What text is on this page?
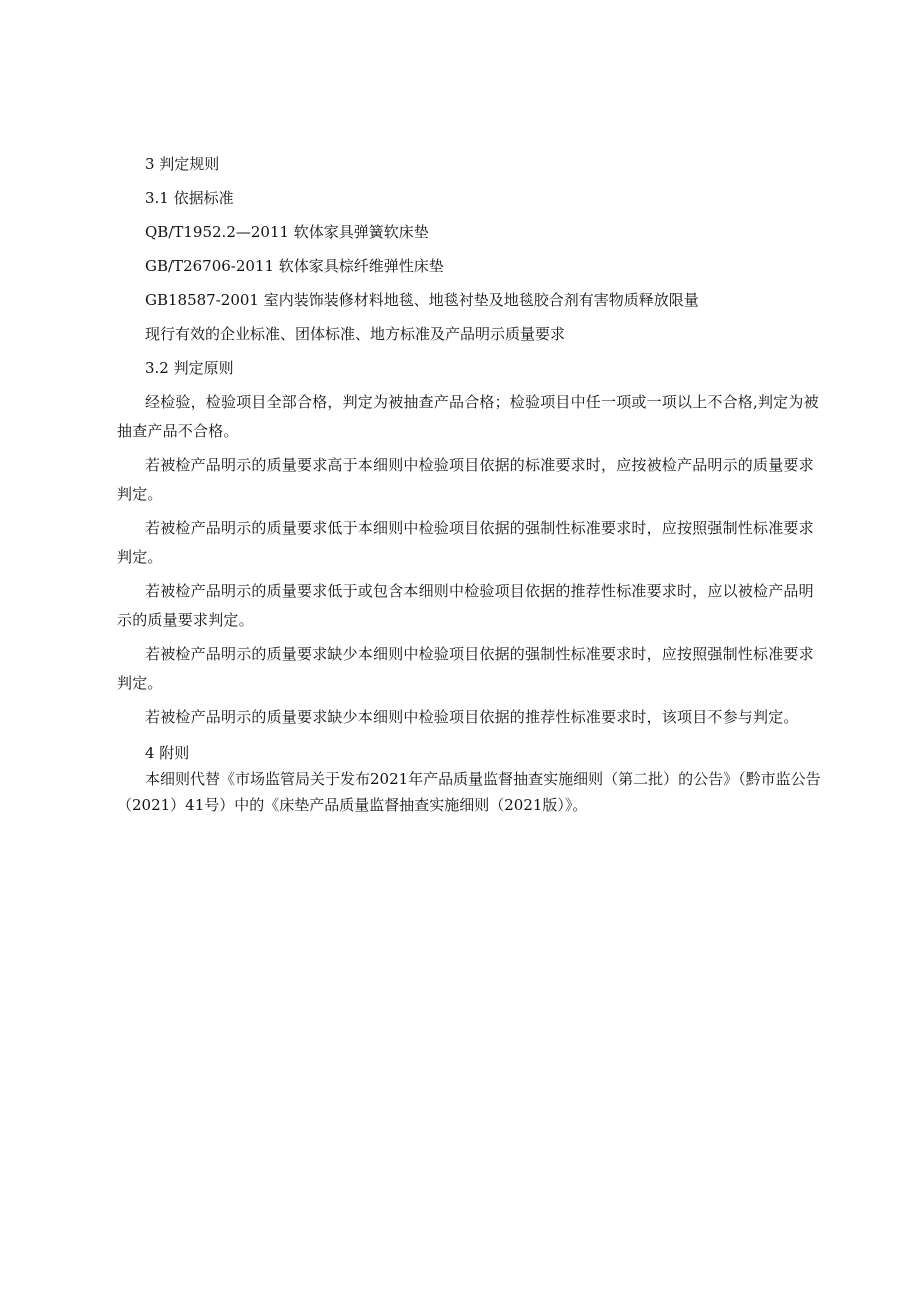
3 判定规则
3.1 依据标准
QB/T1952.2—2011 软体家具弹簧软床垫
GB/T26706-2011 软体家具棕纤维弹性床垫
GB18587-2001 室内装饰装修材料地毯、地毯衬垫及地毯胶合剂有害物质释放限量
现行有效的企业标准、团体标准、地方标准及产品明示质量要求
3.2 判定原则
经检验，检验项目全部合格，判定为被抽查产品合格；检验项目中任一项或一项以上不合格,判定为被抽查产品不合格。
若被检产品明示的质量要求高于本细则中检验项目依据的标准要求时，应按被检产品明示的质量要求判定。
若被检产品明示的质量要求低于本细则中检验项目依据的强制性标准要求时，应按照强制性标准要求判定。
若被检产品明示的质量要求低于或包含本细则中检验项目依据的推荐性标准要求时，应以被检产品明示的质量要求判定。
若被检产品明示的质量要求缺少本细则中检验项目依据的强制性标准要求时，应按照强制性标准要求判定。
若被检产品明示的质量要求缺少本细则中检验项目依据的推荐性标准要求时，该项目不参与判定。
4 附则
本细则代替《市场监管局关于发布2021年产品质量监督抽查实施细则（第二批）的公告》（黔市监公告（2021）41号）中的《床垫产品质量监督抽查实施细则（2021版）》。
